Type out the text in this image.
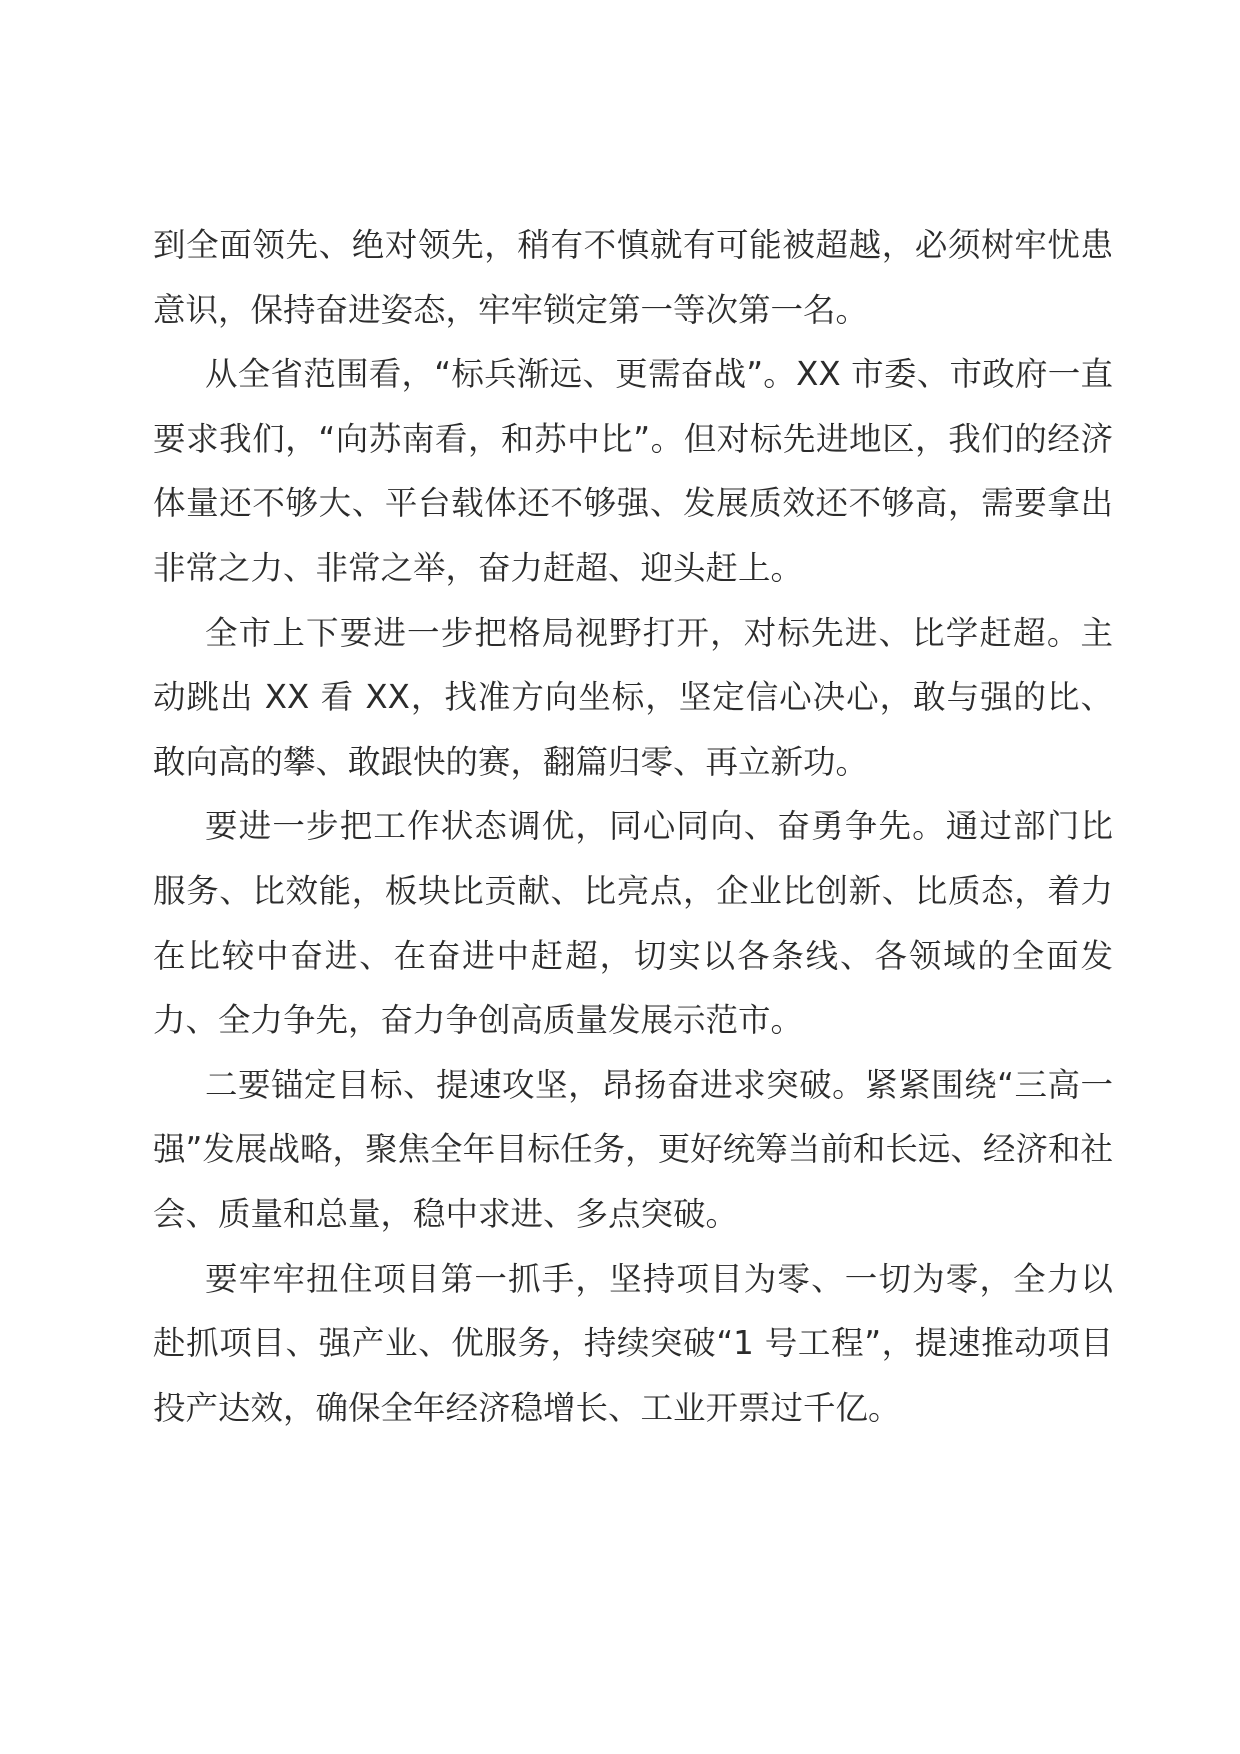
到全面领先、绝对领先，稍有不慎就有可能被超越，必须树牢忧患意识，保持奋进姿态，牢牢锁定第一等次第一名。

从全省范围看，“标兵渐远、更需奋战”。XX 市委、市政府一直要求我们，“向苏南看，和苏中比”。但对标先进地区，我们的经济体量还不够大、平台载体还不够强、发展质效还不够高，需要拿出非常之力、非常之举，奋力赶超、迎头赶上。

全市上下要进一步把格局视野打开，对标先进、比学赶超。主动跳出 XX 看 XX，找准方向坐标，坚定信心决心，敢与强的比、敢向高的攀、敢跟快的赛，翻篇归零、再立新功。

要进一步把工作状态调优，同心同向、奋勇争先。通过部门比服务、比效能，板块比贡献、比亮点，企业比创新、比质态，着力在比较中奋进、在奋进中赶超，切实以各条线、各领域的全面发力、全力争先，奋力争创高质量发展示范市。

二要锚定目标、提速攻坚，昂扬奋进求突破。紧紧围绕“三高一强”发展战略，聚焦全年目标任务，更好统筹当前和长远、经济和社会、质量和总量，稳中求进、多点突破。

要牢牢扭住项目第一抓手，坚持项目为零、一切为零，全力以赴抓项目、强产业、优服务，持续突破“1 号工程”，提速推动项目投产达效，确保全年经济稳增长、工业开票过千亿。
